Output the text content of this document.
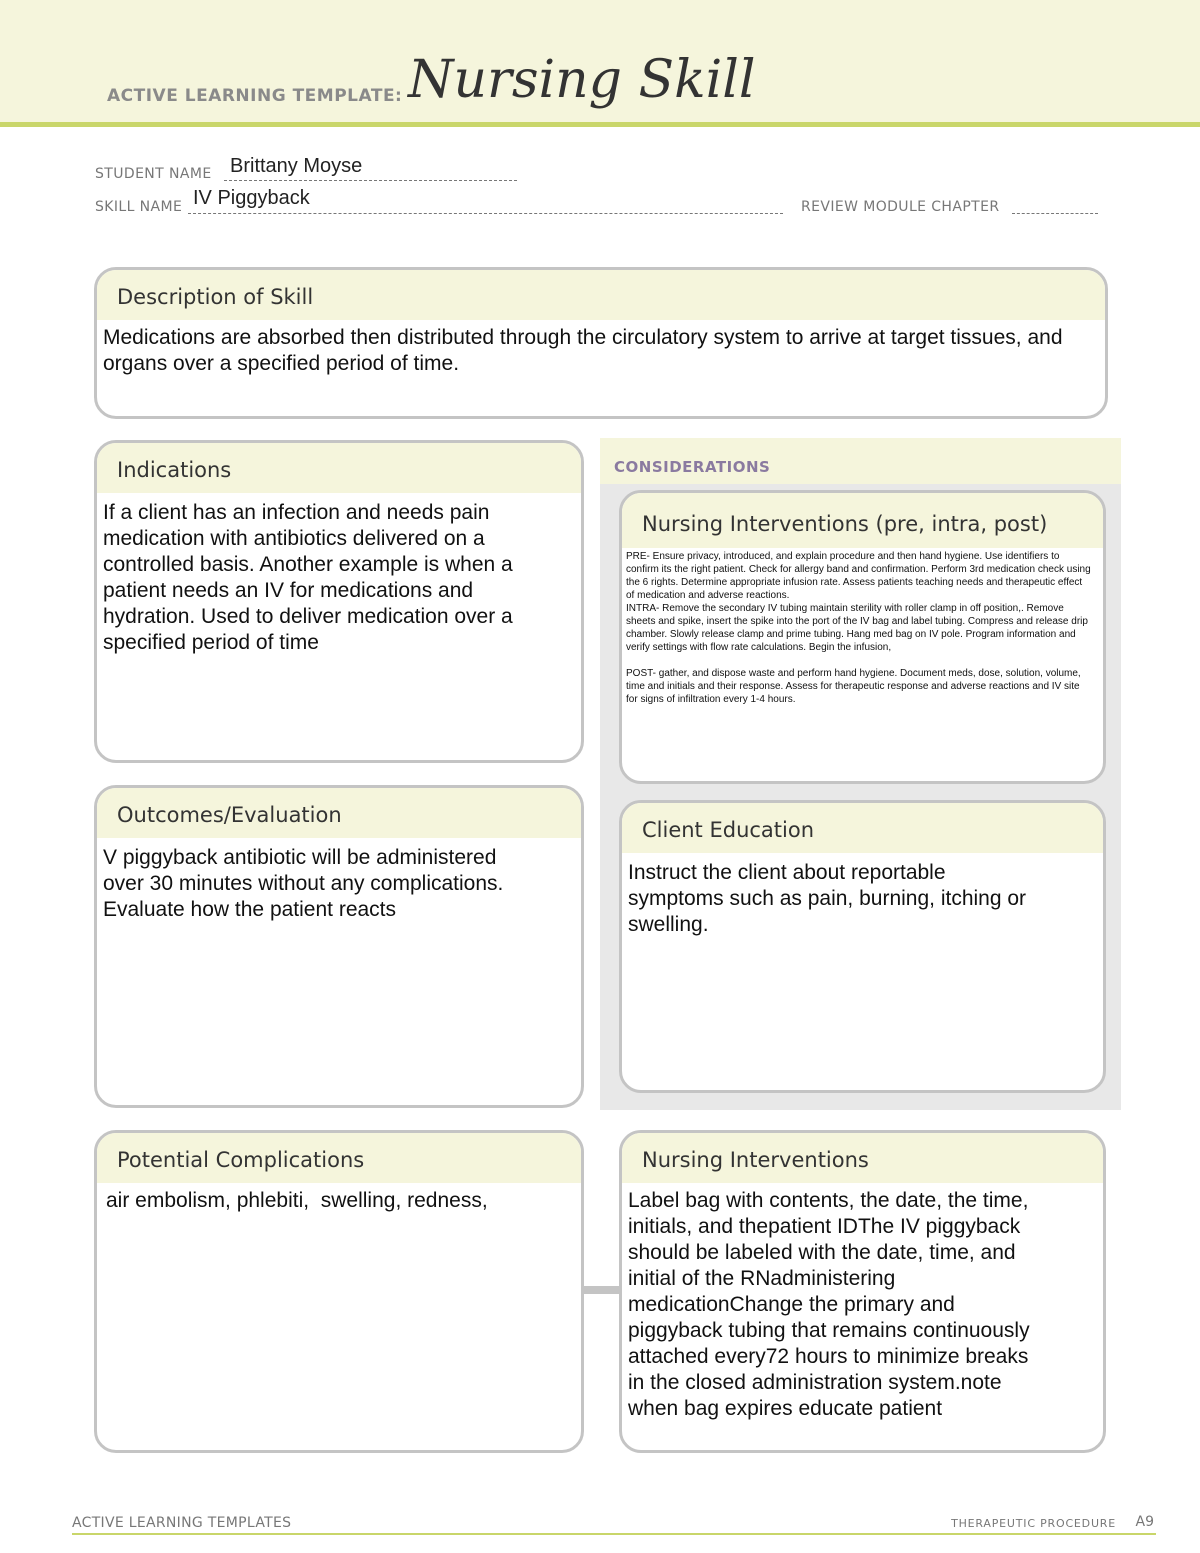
ACTIVE LEARNING TEMPLATE: Nursing Skill
STUDENT NAME Brittany Moyse
SKILL NAME IV Piggyback	REVIEW MODULE CHAPTER
Description of Skill
Medications are absorbed then distributed through the circulatory system to arrive at target tissues, and organs over a specified period of time.
Indications
If a client has an infection and needs pain
medication with antibiotics delivered on a
controlled basis. Another example is when a
patient needs an IV for medications and
hydration. Used to deliver medication over a
specified period of time
CONSIDERATIONS
Nursing Interventions (pre, intra, post)
PRE- Ensure privacy, introduced, and explain procedure and then hand hygiene. Use identifiers to confirm its the right patient. Check for allergy band and confirmation. Perform 3rd medication check using the 6 rights. Determine appropriate infusion rate. Assess patients teaching needs and therapeutic effect of medication and adverse reactions.
INTRA- Remove the secondary IV tubing maintain sterility with roller clamp in off position,. Remove sheets and spike, insert the spike into the port of the IV bag and label tubing. Compress and release drip chamber. Slowly release clamp and prime tubing. Hang med bag on IV pole. Program information and verify settings with flow rate calculations. Begin the infusion,

POST- gather, and dispose waste and perform hand hygiene. Document meds, dose, solution, volume, time and initials and their response. Assess for therapeutic response and adverse reactions and IV site for signs of infiltration every 1-4 hours.
Outcomes/Evaluation
V piggyback antibiotic will be administered
over 30 minutes without any complications.
Evaluate how the patient reacts
Client Education
Instruct the client about reportable
symptoms such as pain, burning, itching or
swelling.
Potential Complications
air embolism, phlebiti,  swelling, redness,
Nursing Interventions
Label bag with contents, the date, the time,
initials, and thepatient IDThe IV piggyback
should be labeled with the date, time, and
initial of the RNadministering
medicationChange the primary and
piggyback tubing that remains continuously
attached every72 hours to minimize breaks
in the closed administration system.note
when bag expires educate patient
ACTIVE LEARNING TEMPLATES	THERAPEUTIC PROCEDURE A9
